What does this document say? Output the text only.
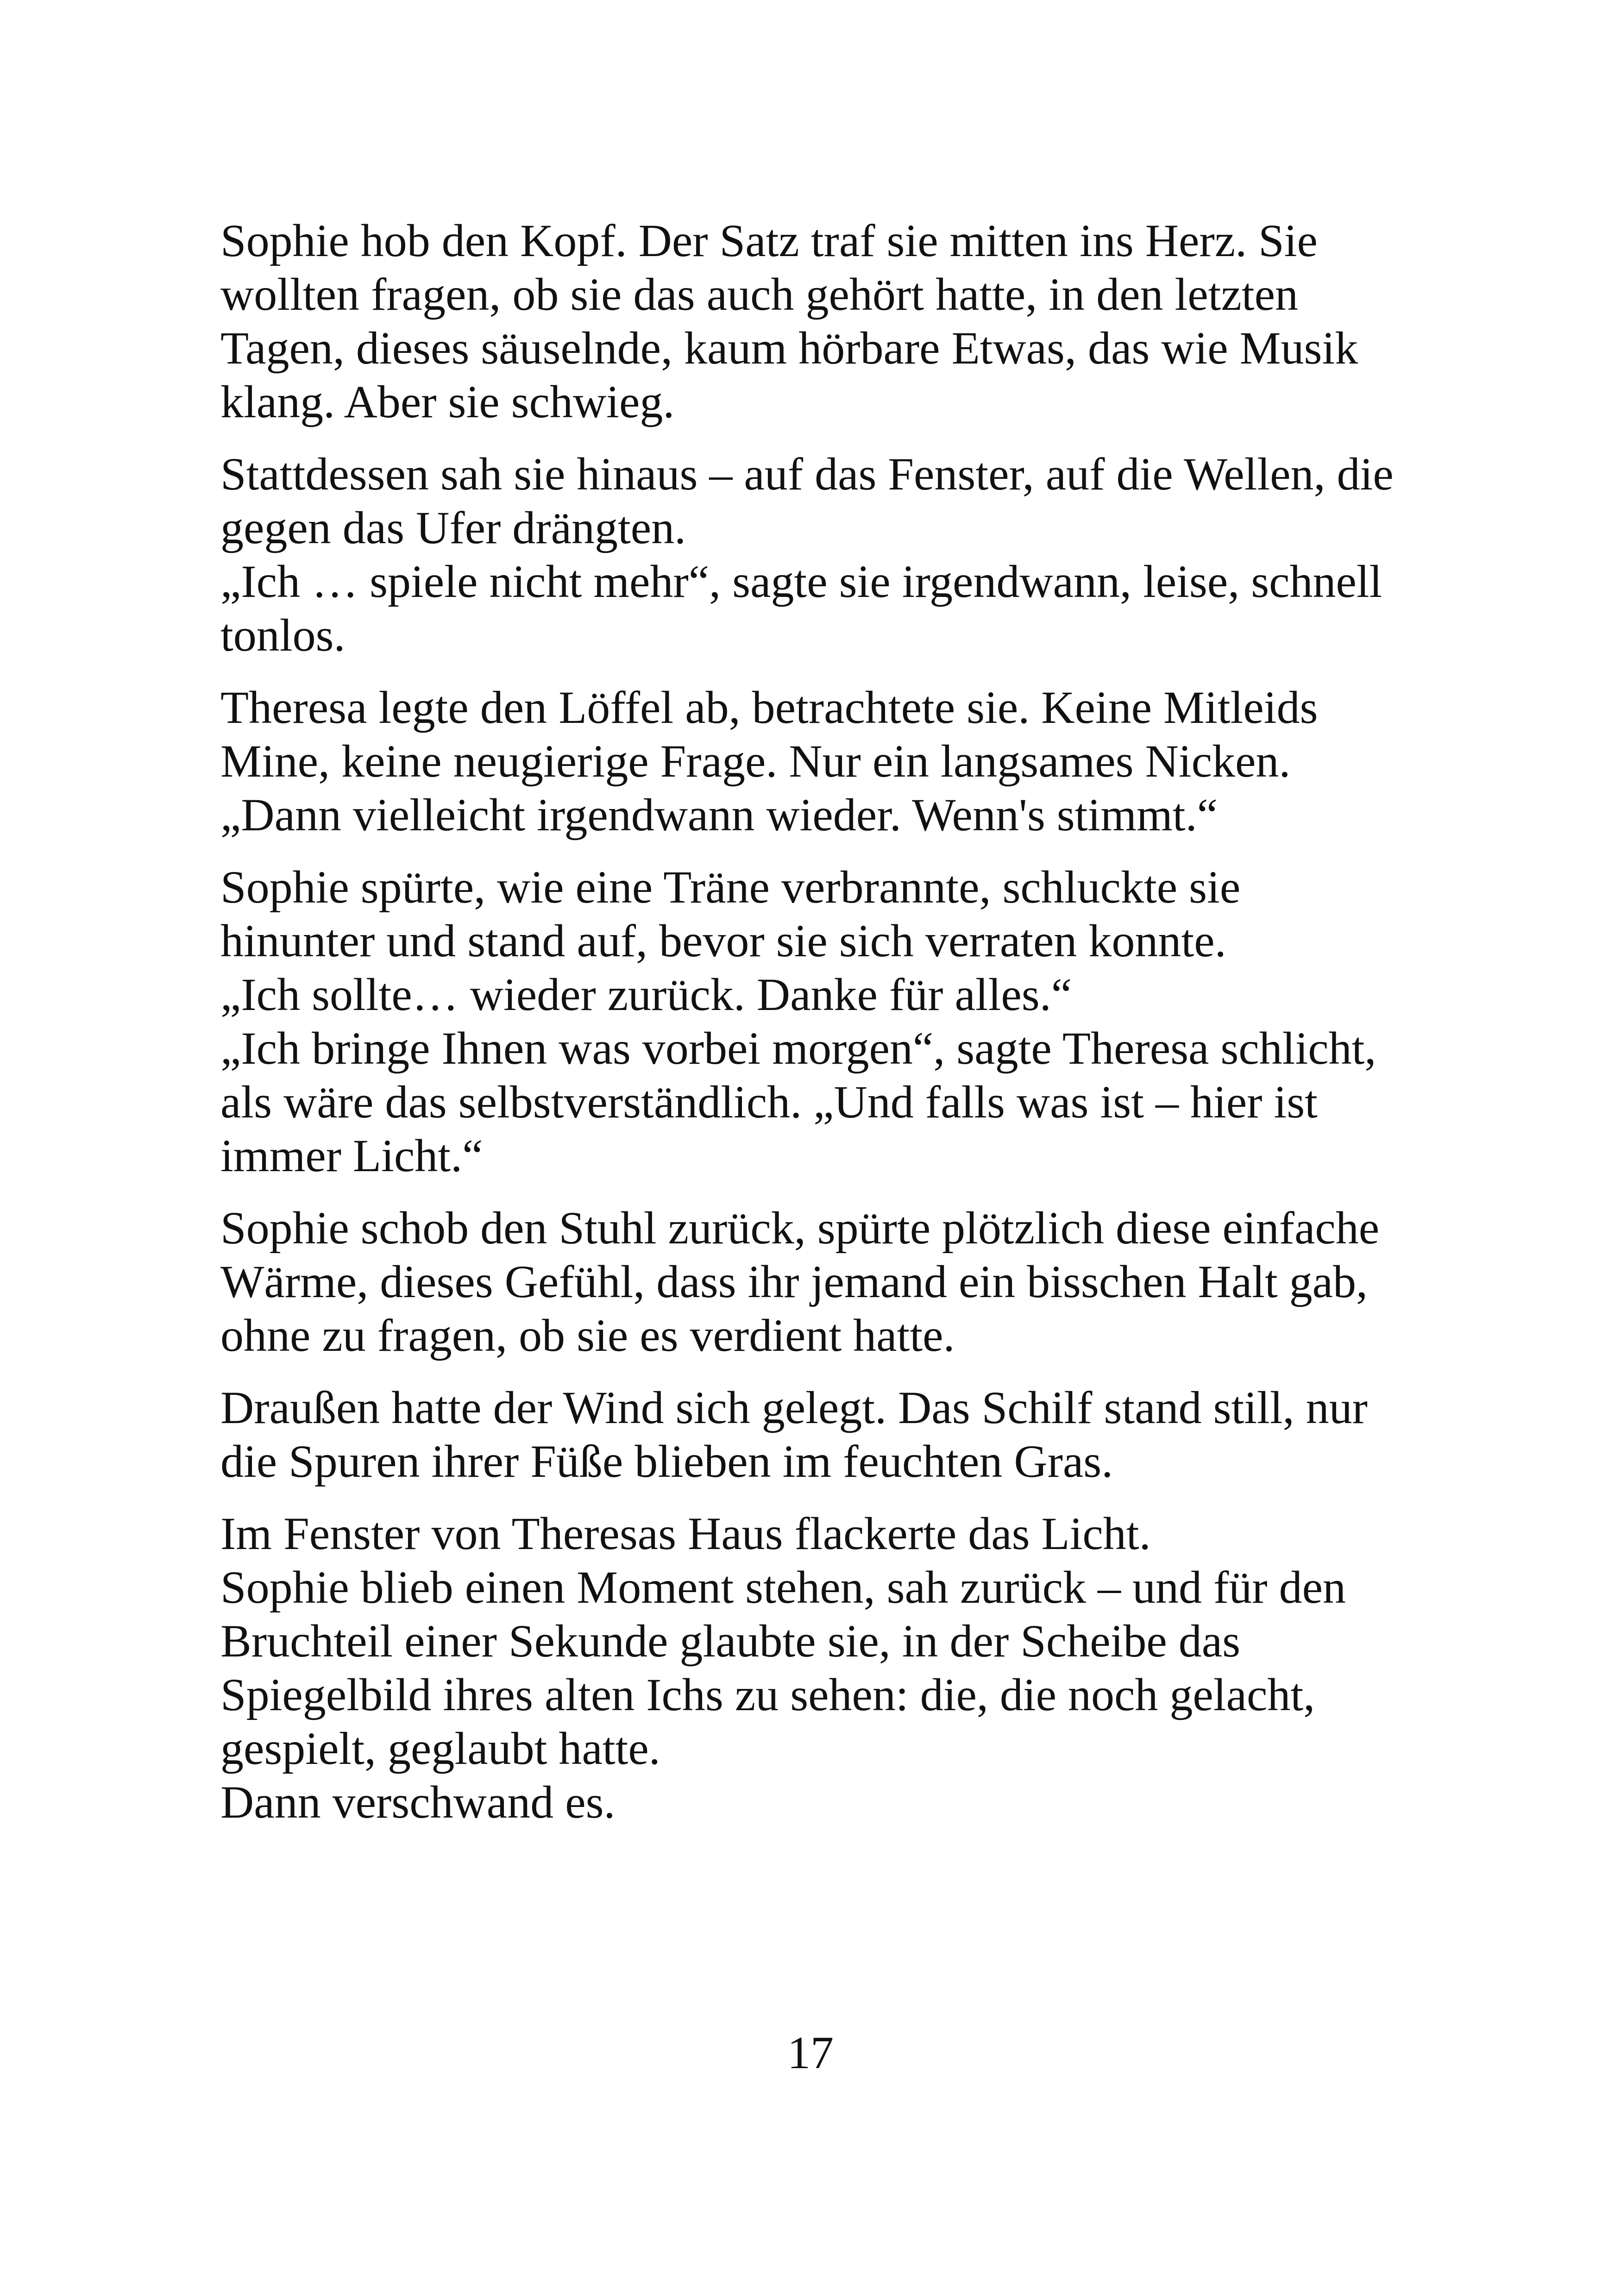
Sophie hob den Kopf. Der Satz traf sie mitten ins Herz. Sie
wollten fragen, ob sie das auch gehört hatte, in den letzten
Tagen, dieses säuselnde, kaum hörbare Etwas, das wie Musik
klang. Aber sie schwieg.

Stattdessen sah sie hinaus – auf das Fenster, auf die Wellen, die
gegen das Ufer drängten.
„Ich … spiele nicht mehr“, sagte sie irgendwann, leise, schnell
tonlos.

Theresa legte den Löffel ab, betrachtete sie. Keine Mitleids
Mine, keine neugierige Frage. Nur ein langsames Nicken.
„Dann vielleicht irgendwann wieder. Wenn's stimmt.“

Sophie spürte, wie eine Träne verbrannte, schluckte sie
hinunter und stand auf, bevor sie sich verraten konnte.
„Ich sollte… wieder zurück. Danke für alles.“
„Ich bringe Ihnen was vorbei morgen“, sagte Theresa schlicht,
als wäre das selbstverständlich. „Und falls was ist – hier ist
immer Licht.“

Sophie schob den Stuhl zurück, spürte plötzlich diese einfache
Wärme, dieses Gefühl, dass ihr jemand ein bisschen Halt gab,
ohne zu fragen, ob sie es verdient hatte.

Draußen hatte der Wind sich gelegt. Das Schilf stand still, nur
die Spuren ihrer Füße blieben im feuchten Gras.

Im Fenster von Theresas Haus flackerte das Licht.
Sophie blieb einen Moment stehen, sah zurück – und für den
Bruchteil einer Sekunde glaubte sie, in der Scheibe das
Spiegelbild ihres alten Ichs zu sehen: die, die noch gelacht,
gespielt, geglaubt hatte.
Dann verschwand es.

17
